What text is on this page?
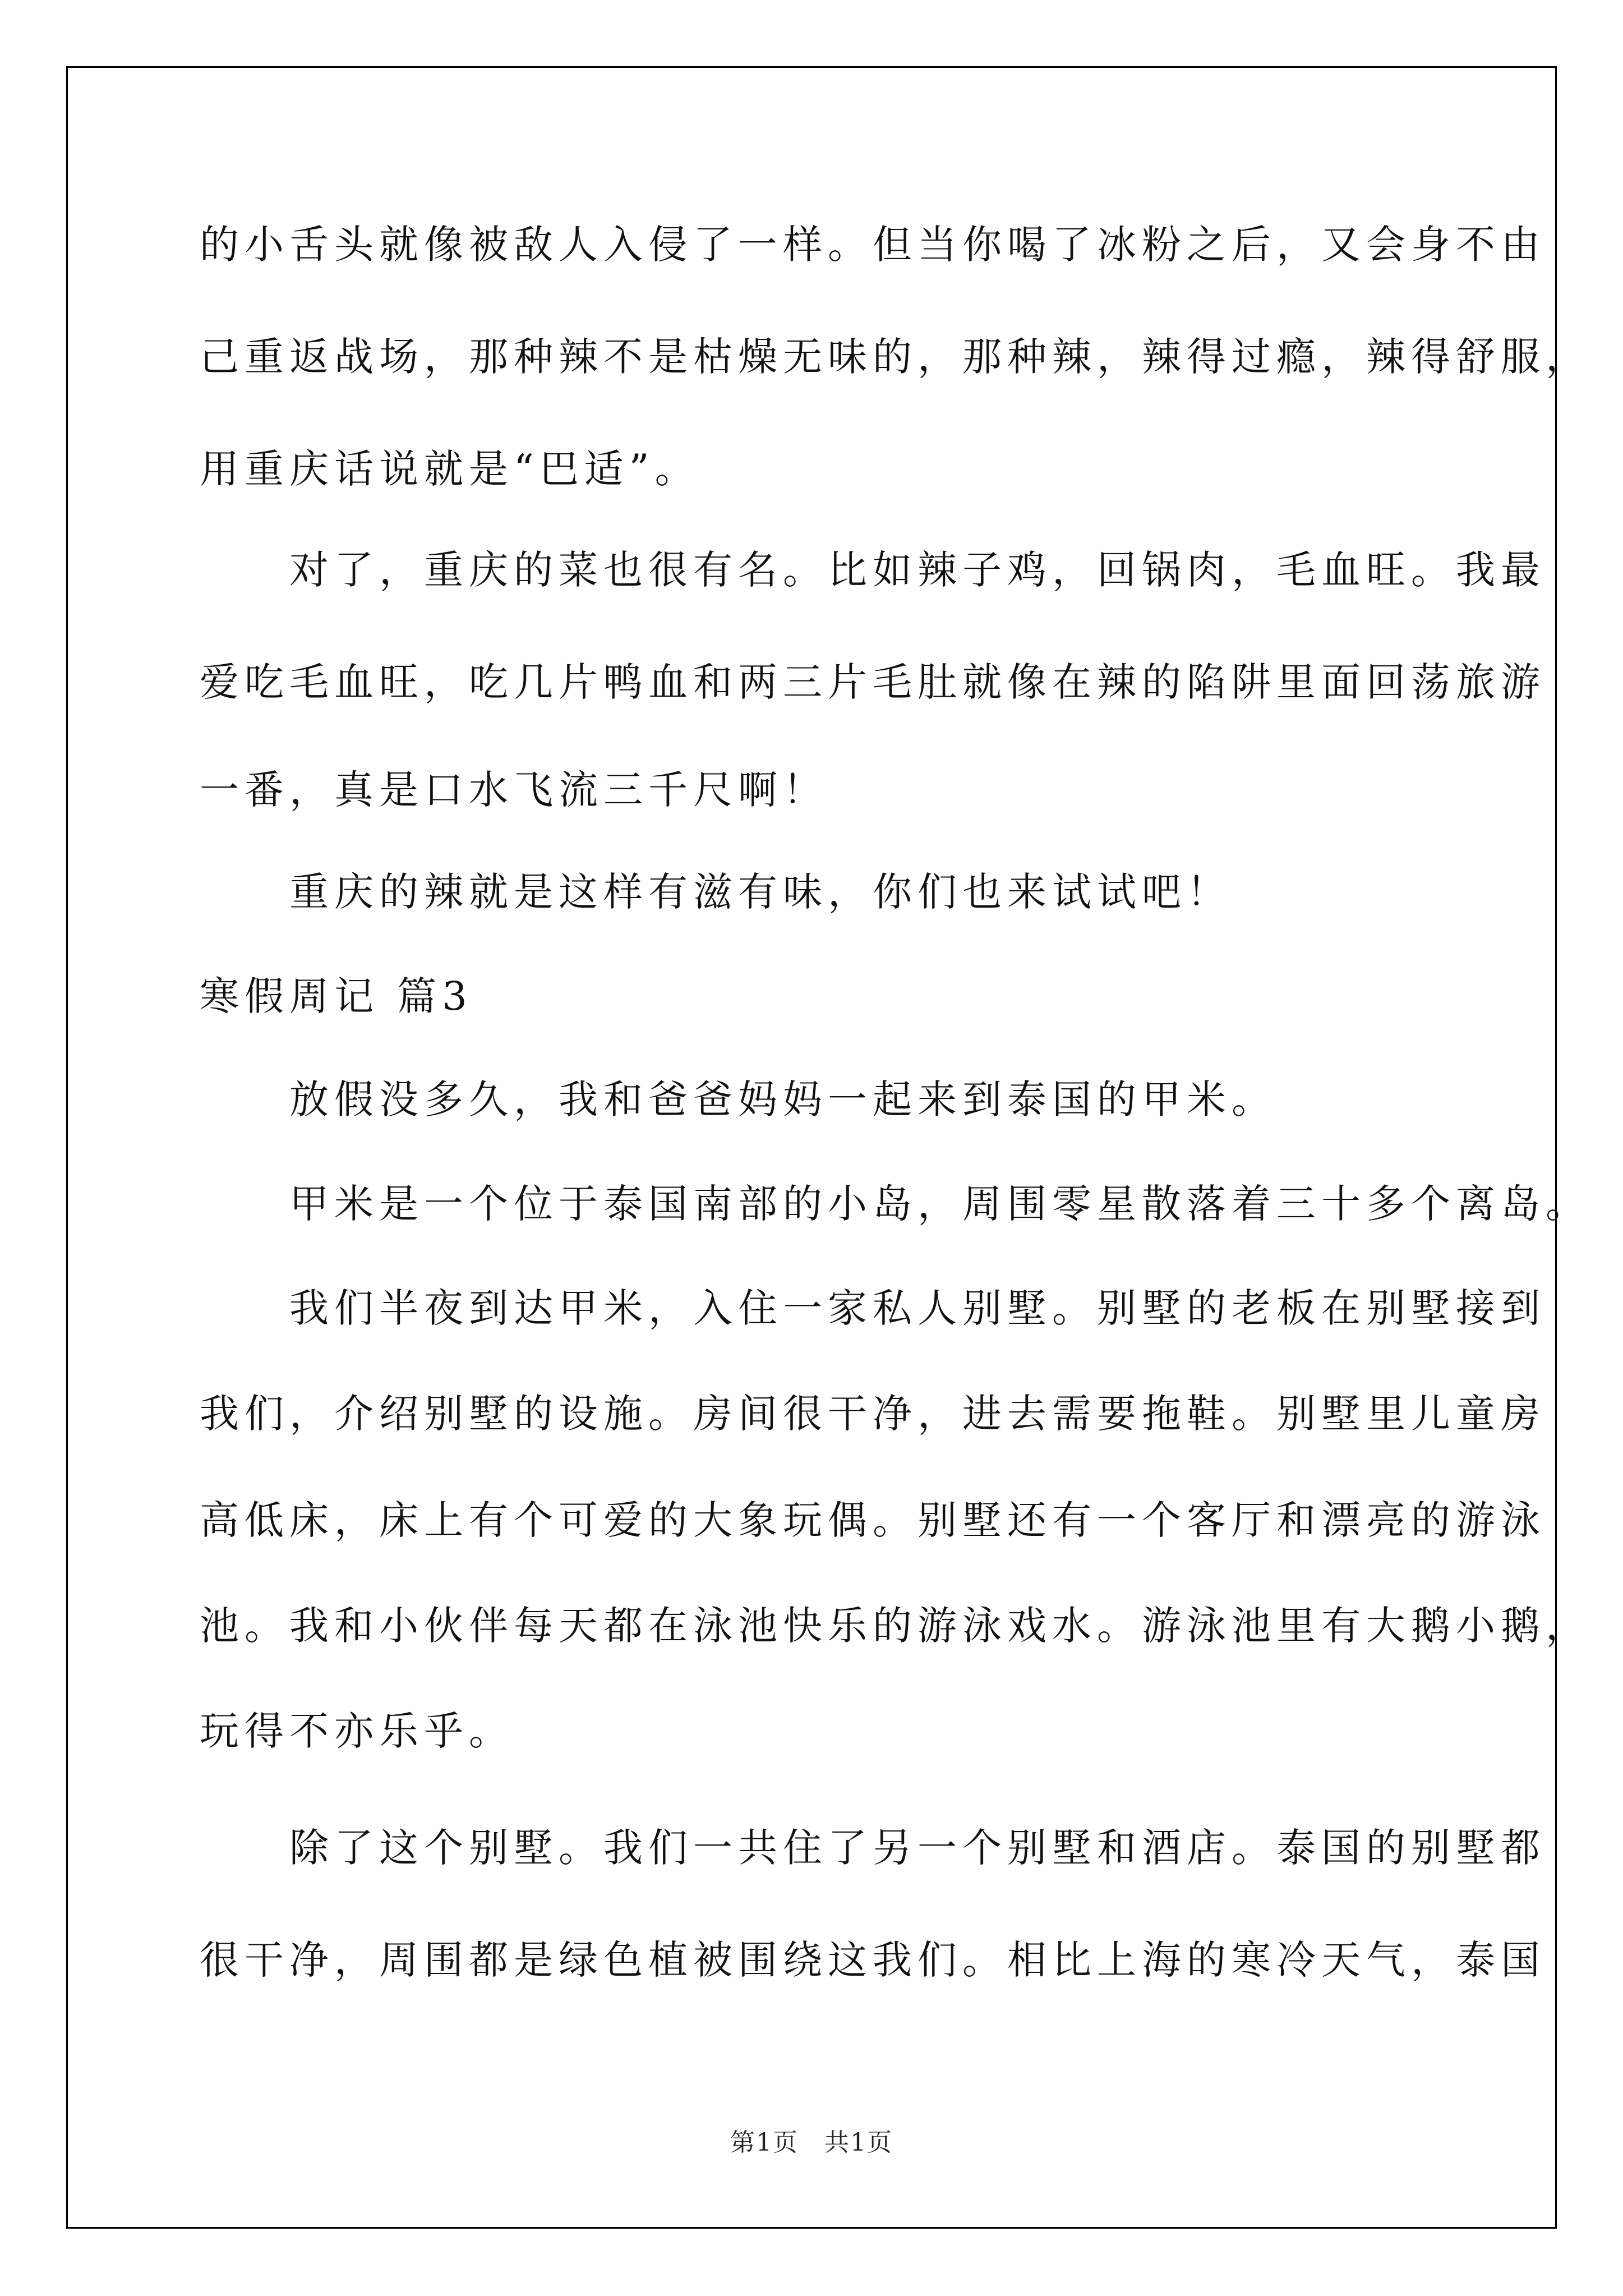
的小舌头就像被敌人入侵了一样。但当你喝了冰粉之后，又会身不由
己重返战场，那种辣不是枯燥无味的，那种辣，辣得过瘾，辣得舒服，
用重庆话说就是“巴适”。
　　对了，重庆的菜也很有名。比如辣子鸡，回锅肉，毛血旺。我最
爱吃毛血旺，吃几片鸭血和两三片毛肚就像在辣的陷阱里面回荡旅游
一番，真是口水飞流三千尺啊！
　　重庆的辣就是这样有滋有味，你们也来试试吧！
寒假周记 篇3
　　放假没多久，我和爸爸妈妈一起来到泰国的甲米。
　　甲米是一个位于泰国南部的小岛，周围零星散落着三十多个离岛。
　　我们半夜到达甲米，入住一家私人别墅。别墅的老板在别墅接到
我们，介绍别墅的设施。房间很干净，进去需要拖鞋。别墅里儿童房
高低床，床上有个可爱的大象玩偶。别墅还有一个客厅和漂亮的游泳
池。我和小伙伴每天都在泳池快乐的游泳戏水。游泳池里有大鹅小鹅，
玩得不亦乐乎。
　　除了这个别墅。我们一共住了另一个别墅和酒店。泰国的别墅都
很干净，周围都是绿色植被围绕这我们。相比上海的寒冷天气，泰国
第1页　共1页
